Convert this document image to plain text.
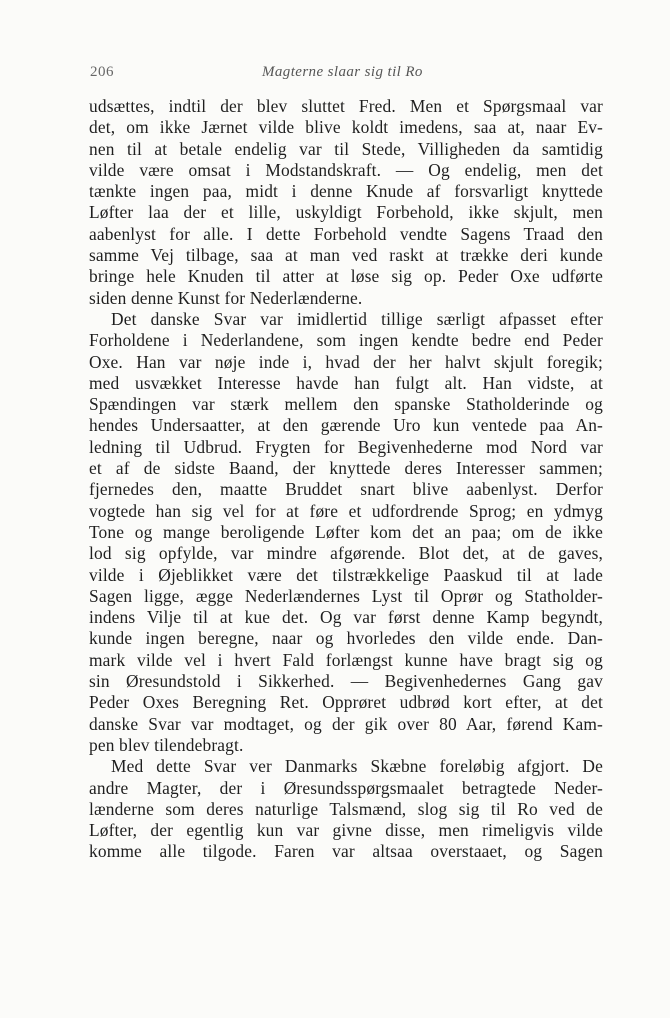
206	Magterne slaar sig til Ro
udsættes, indtil der blev sluttet Fred. Men et Spørgsmaal var
det, om ikke Jærnet vilde blive koldt imedens, saa at, naar Ev-
nen til at betale endelig var til Stede, Villigheden da samtidig
vilde være omsat i Modstandskraft. — Og endelig, men det
tænkte ingen paa, midt i denne Knude af forsvarligt knyttede
Løfter laa der et lille, uskyldigt Forbehold, ikke skjult, men
aabenlyst for alle. I dette Forbehold vendte Sagens Traad den
samme Vej tilbage, saa at man ved raskt at trække deri kunde
bringe hele Knuden til atter at løse sig op. Peder Oxe udførte
siden denne Kunst for Nederlænderne.
Det danske Svar var imidlertid tillige særligt afpasset efter
Forholdene i Nederlandene, som ingen kendte bedre end Peder
Oxe. Han var nøje inde i, hvad der her halvt skjult foregik;
med usvækket Interesse havde han fulgt alt. Han vidste, at
Spændingen var stærk mellem den spanske Statholderinde og
hendes Undersaatter, at den gærende Uro kun ventede paa An-
ledning til Udbrud. Frygten for Begivenhederne mod Nord var
et af de sidste Baand, der knyttede deres Interesser sammen;
fjernedes den, maatte Bruddet snart blive aabenlyst. Derfor
vogtede han sig vel for at føre et udfordrende Sprog; en ydmyg
Tone og mange beroligende Løfter kom det an paa; om de ikke
lod sig opfylde, var mindre afgørende. Blot det, at de gaves,
vilde i Øjeblikket være det tilstrækkelige Paaskud til at lade
Sagen ligge, ægge Nederlændernes Lyst til Oprør og Statholder-
indens Vilje til at kue det. Og var først denne Kamp begyndt,
kunde ingen beregne, naar og hvorledes den vilde ende. Dan-
mark vilde vel i hvert Fald forlængst kunne have bragt sig og
sin Øresundstold i Sikkerhed. — Begivenhedernes Gang gav
Peder Oxes Beregning Ret. Opprøret udbrød kort efter, at det
danske Svar var modtaget, og der gik over 80 Aar, førend Kam-
pen blev tilendebragt.
Med dette Svar ver Danmarks Skæbne foreløbig afgjort. De
andre Magter, der i Øresundsspørgsmaalet betragtede Neder-
lænderne som deres naturlige Talsmænd, slog sig til Ro ved de
Løfter, der egentlig kun var givne disse, men rimeligvis vilde
komme alle tilgode. Faren var altsaa overstaaet, og Sagen
